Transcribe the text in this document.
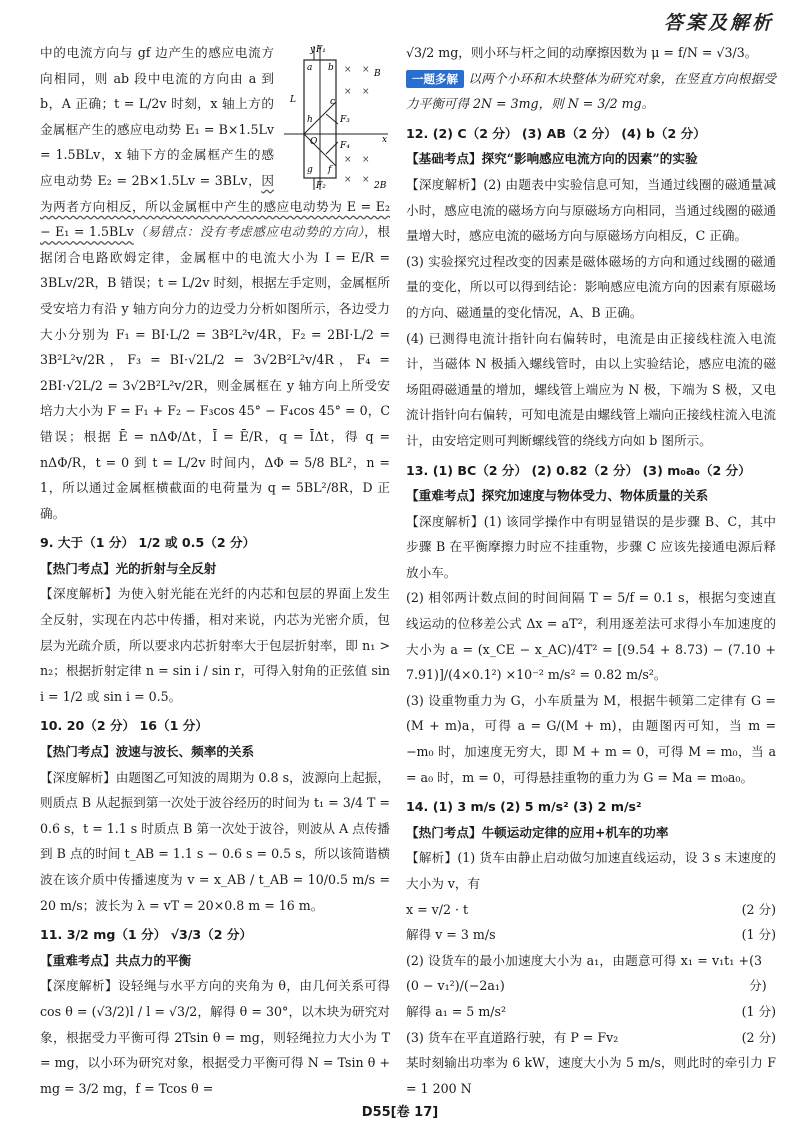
答案及解析
y F₁
a b
B
L
h
c
F₃
O	x
F₄
g f
2B
F₂
× ×
× ×
× ×
× ×

中的电流方向与 gf 边产生的感应电流方向相同，则 ab 段中电流的方向由 a 到 b，A 正确；t = L/2v 时刻，x 轴上方的金属框产生的感应电动势 E₁ = B×1.5Lv = 1.5BLv，x 轴下方的金属框产生的感应电动势 E₂ = 2B×1.5Lv = 3BLv，因为两者方向相反，所以金属框中产生的感应电动势为 E = E₂ − E₁ = 1.5BLv（易错点：没有考虑感应电动势的方向），根据闭合电路欧姆定律，金属框中的电流大小为 I = E/R = 3BLv/2R，B 错误；t = L/2v 时刻，根据左手定则，金属框所受安培力有沿 y 轴方向分力的边受力分析如图所示，各边受力大小分别为 F₁ = BI·L/2 = 3B²L²v/4R，F₂ = 2BI·L/2 = 3B²L²v/2R，F₃ = BI·√2L/2 = 3√2B²L²v/4R，F₄ = 2BI·√2L/2 = 3√2B²L²v/2R，则金属框在 y 轴方向上所受安培力大小为 F = F₁ + F₂ − F₃cos 45° − F₄cos 45° = 0，C 错误；根据 Ē = nΔΦ/Δt，Ī = Ē/R，q = ĪΔt，得 q = nΔΦ/R，t = 0 到 t = L/2v 时间内，ΔΦ = 5/8 BL²，n = 1，所以通过金属框横截面的电荷量为 q = 5BL²/8R，D 正确。

9. 大于（1 分） 1/2 或 0.5（2 分）

【热门考点】光的折射与全反射

【深度解析】为使入射光能在光纤的内芯和包层的界面上发生全反射，实现在内芯中传播，相对来说，内芯为光密介质，包层为光疏介质，所以要求内芯折射率大于包层折射率，即 n₁ > n₂；根据折射定律 n = sin i / sin r，可得入射角的正弦值 sin i = 1/2 或 sin i = 0.5。

10. 20（2 分） 16（1 分）

【热门考点】波速与波长、频率的关系

【深度解析】由题图乙可知波的周期为 0.8 s，波源向上起振，则质点 B 从起振到第一次处于波谷经历的时间为 t₁ = 3/4 T = 0.6 s，t = 1.1 s 时质点 B 第一次处于波谷，则波从 A 点传播到 B 点的时间 t_AB = 1.1 s − 0.6 s = 0.5 s，所以该简谐横波在该介质中传播速度为 v = x_AB / t_AB = 10/0.5 m/s = 20 m/s；波长为 λ = vT = 20×0.8 m = 16 m。

11. 3/2 mg（1 分） √3/3（2 分）

【重难考点】共点力的平衡

【深度解析】设轻绳与水平方向的夹角为 θ，由几何关系可得 cos θ = (√3/2)l / l = √3/2，解得 θ = 30°，以木块为研究对象，根据受力平衡可得 2Tsin θ = mg，则轻绳拉力大小为 T = mg，以小环为研究对象，根据受力平衡可得 N = Tsin θ + mg = 3/2 mg，f = Tcos θ =

√3/2 mg，则小环与杆之间的动摩擦因数为 μ = f/N = √3/3。

一题多解 以两个小环和木块整体为研究对象，在竖直方向根据受力平衡可得 2N = 3mg，则 N = 3/2 mg。

12. (2) C（2 分） (3) AB（2 分） (4) b（2 分）

【基础考点】探究“影响感应电流方向的因素”的实验

【深度解析】(2) 由题表中实验信息可知，当通过线圈的磁通量减小时，感应电流的磁场方向与原磁场方向相同，当通过线圈的磁通量增大时，感应电流的磁场方向与原磁场方向相反，C 正确。

(3) 实验探究过程改变的因素是磁体磁场的方向和通过线圈的磁通量的变化，所以可以得到结论：影响感应电流方向的因素有原磁场的方向、磁通量的变化情况，A、B 正确。

(4) 已测得电流计指针向右偏转时，电流是由正接线柱流入电流计，当磁体 N 极插入螺线管时，由以上实验结论，感应电流的磁场阻碍磁通量的增加，螺线管上端应为 N 极，下端为 S 极，又电流计指针向右偏转，可知电流是由螺线管上端向正接线柱流入电流计，由安培定则可判断螺线管的绕线方向如 b 图所示。

13. (1) BC（2 分） (2) 0.82（2 分） (3) m₀a₀（2 分）

【重难考点】探究加速度与物体受力、物体质量的关系

【深度解析】(1) 该同学操作中有明显错误的是步骤 B、C，其中步骤 B 在平衡摩擦力时应不挂重物，步骤 C 应该先接通电源后释放小车。

(2) 相邻两计数点间的时间间隔 T = 5/f = 0.1 s，根据匀变速直线运动的位移差公式 Δx = aT²，利用逐差法可求得小车加速度的大小为 a = (x_CE − x_AC)/4T² = [(9.54 + 8.73) − (7.10 + 7.91)]/(4×0.1²) ×10⁻² m/s² = 0.82 m/s²。

(3) 设重物重力为 G，小车质量为 M，根据牛顿第二定律有 G = (M + m)a，可得 a = G/(M + m)，由题图丙可知，当 m = −m₀ 时，加速度无穷大，即 M + m = 0，可得 M = m₀，当 a = a₀ 时，m = 0，可得悬挂重物的重力为 G = Ma = m₀a₀。

14. (1) 3 m/s (2) 5 m/s² (3) 2 m/s²

【热门考点】牛顿运动定律的应用+机车的功率

【解析】(1) 货车由静止启动做匀加速直线运动，设 3 s 末速度的大小为 v，有

x = v/2 · t	(2 分)

解得 v = 3 m/s	(1 分)

(2) 设货车的最小加速度大小为 a₁，由题意可得 x₁ = v₁t₁ + (0 − v₁²)/(−2a₁)
(3 分)

解得 a₁ = 5 m/s²	(1 分)

(3) 货车在平直道路行驶，有 P = Fv₂	(2 分)

某时刻输出功率为 6 kW，速度大小为 5 m/s，则此时的牵引力 F = 1 200 N

D55[卷 17]
